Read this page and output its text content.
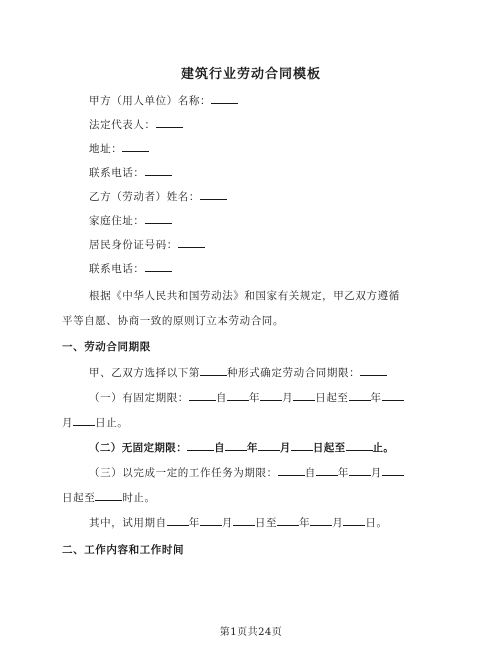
建筑行业劳动合同模板
甲方（用人单位）名称：
法定代表人：
地址：
联系电话：
乙方（劳动者）姓名：
家庭住址：
居民身份证号码：
联系电话：
根据《中华人民共和国劳动法》和国家有关规定，甲乙双方遵循
平等自愿、协商一致的原则订立本劳动合同。
一、劳动合同期限
甲、乙双方选择以下第	种形式确定劳动合同期限：
（一）有固定期限：	自 年 月 日起至 年
月 日止。
（二）无固定期限：	自 年 月 日起至	止。
（三）以完成一定的工作任务为期限：	自 年 月
日起至	时止。
其中，试用期自 年 月 日至 年 月 日。
二、工作内容和工作时间
第1页共24页
